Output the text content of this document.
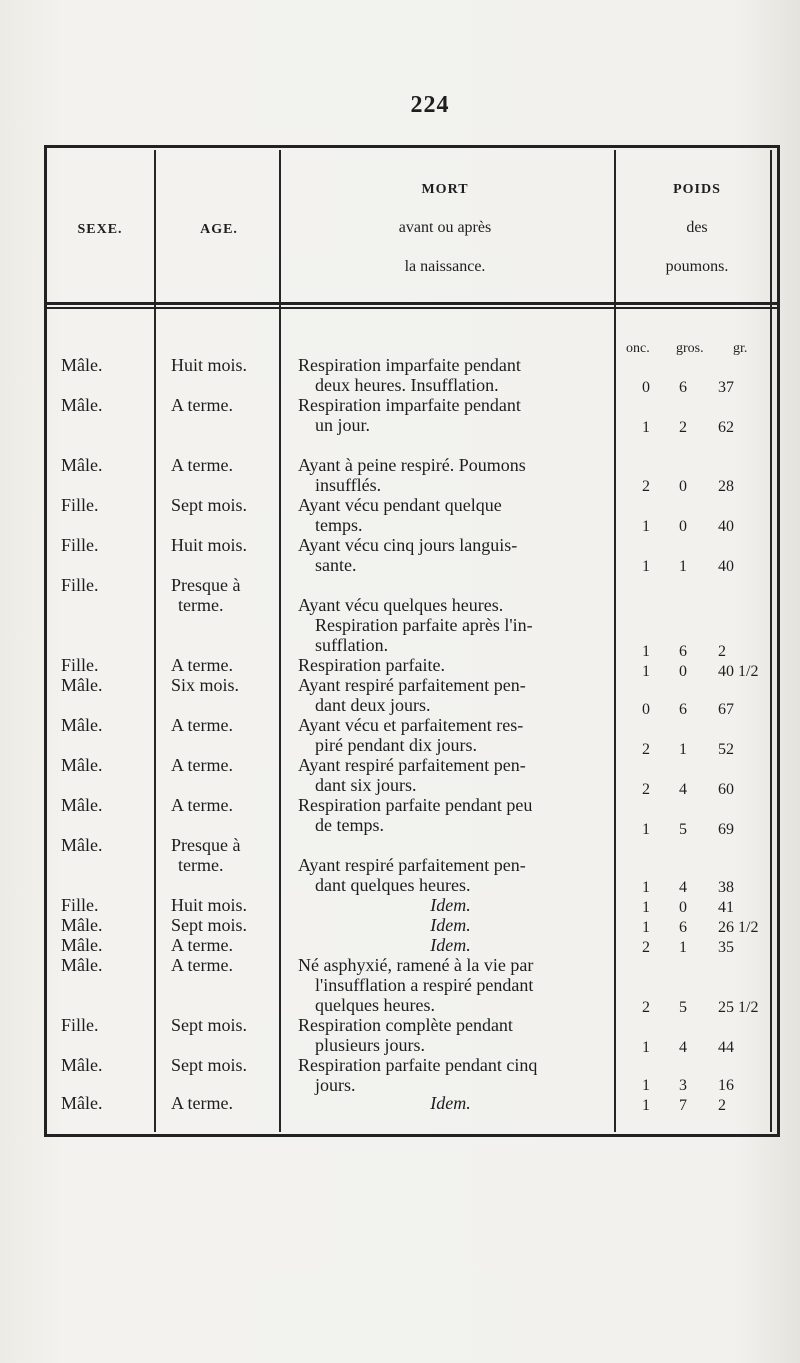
224
SEXE.	AGE.
MORT
avant ou après
la naissance.
POIDS
des
poumons.
onc. gros. gr.
Mâle.	Huit mois.	Respiration imparfaite pendant
deux heures. Insufflation.	0 6 37
Mâle.	A terme.	Respiration imparfaite pendant
un jour.	1 2 62
Mâle.	A terme.	Ayant à peine respiré. Poumons
insufflés.	2 0 28
Fille.	Sept mois.	Ayant vécu pendant quelque
temps.	1 0 40
Fille.	Huit mois.	Ayant vécu cinq jours languis-
sante.	1 1 40
Fille.	Presque à
terme.	Ayant vécu quelques heures.
Respiration parfaite après l'in-
sufflation.	1 6 2
Fille.	A terme.	Respiration parfaite.	1 0 40 1/2
Mâle.	Six mois.	Ayant respiré parfaitement pen-
dant deux jours.	0 6 67
Mâle.	A terme.	Ayant vécu et parfaitement res-
piré pendant dix jours.	2 1 52
Mâle.	A terme.	Ayant respiré parfaitement pen-
dant six jours.	2 4 60
Mâle.	A terme.	Respiration parfaite pendant peu
de temps.	1 5 69
Mâle.	Presque à
terme.	Ayant respiré parfaitement pen-
dant quelques heures.	1 4 38
Fille.	Huit mois.	Idem.	1 0 41
Mâle.	Sept mois.	Idem.	1 6 26 1/2
Mâle.	A terme.	Idem.	2 1 35
Mâle.	A terme.	Né asphyxié, ramené à la vie par
l'insufflation a respiré pendant
quelques heures.	2 5 25 1/2
Fille.	Sept mois.	Respiration complète pendant
plusieurs jours.	1 4 44
Mâle.	Sept mois.	Respiration parfaite pendant cinq
jours.	1 3 16
Mâle.	A terme.	Idem.	1 7 2
